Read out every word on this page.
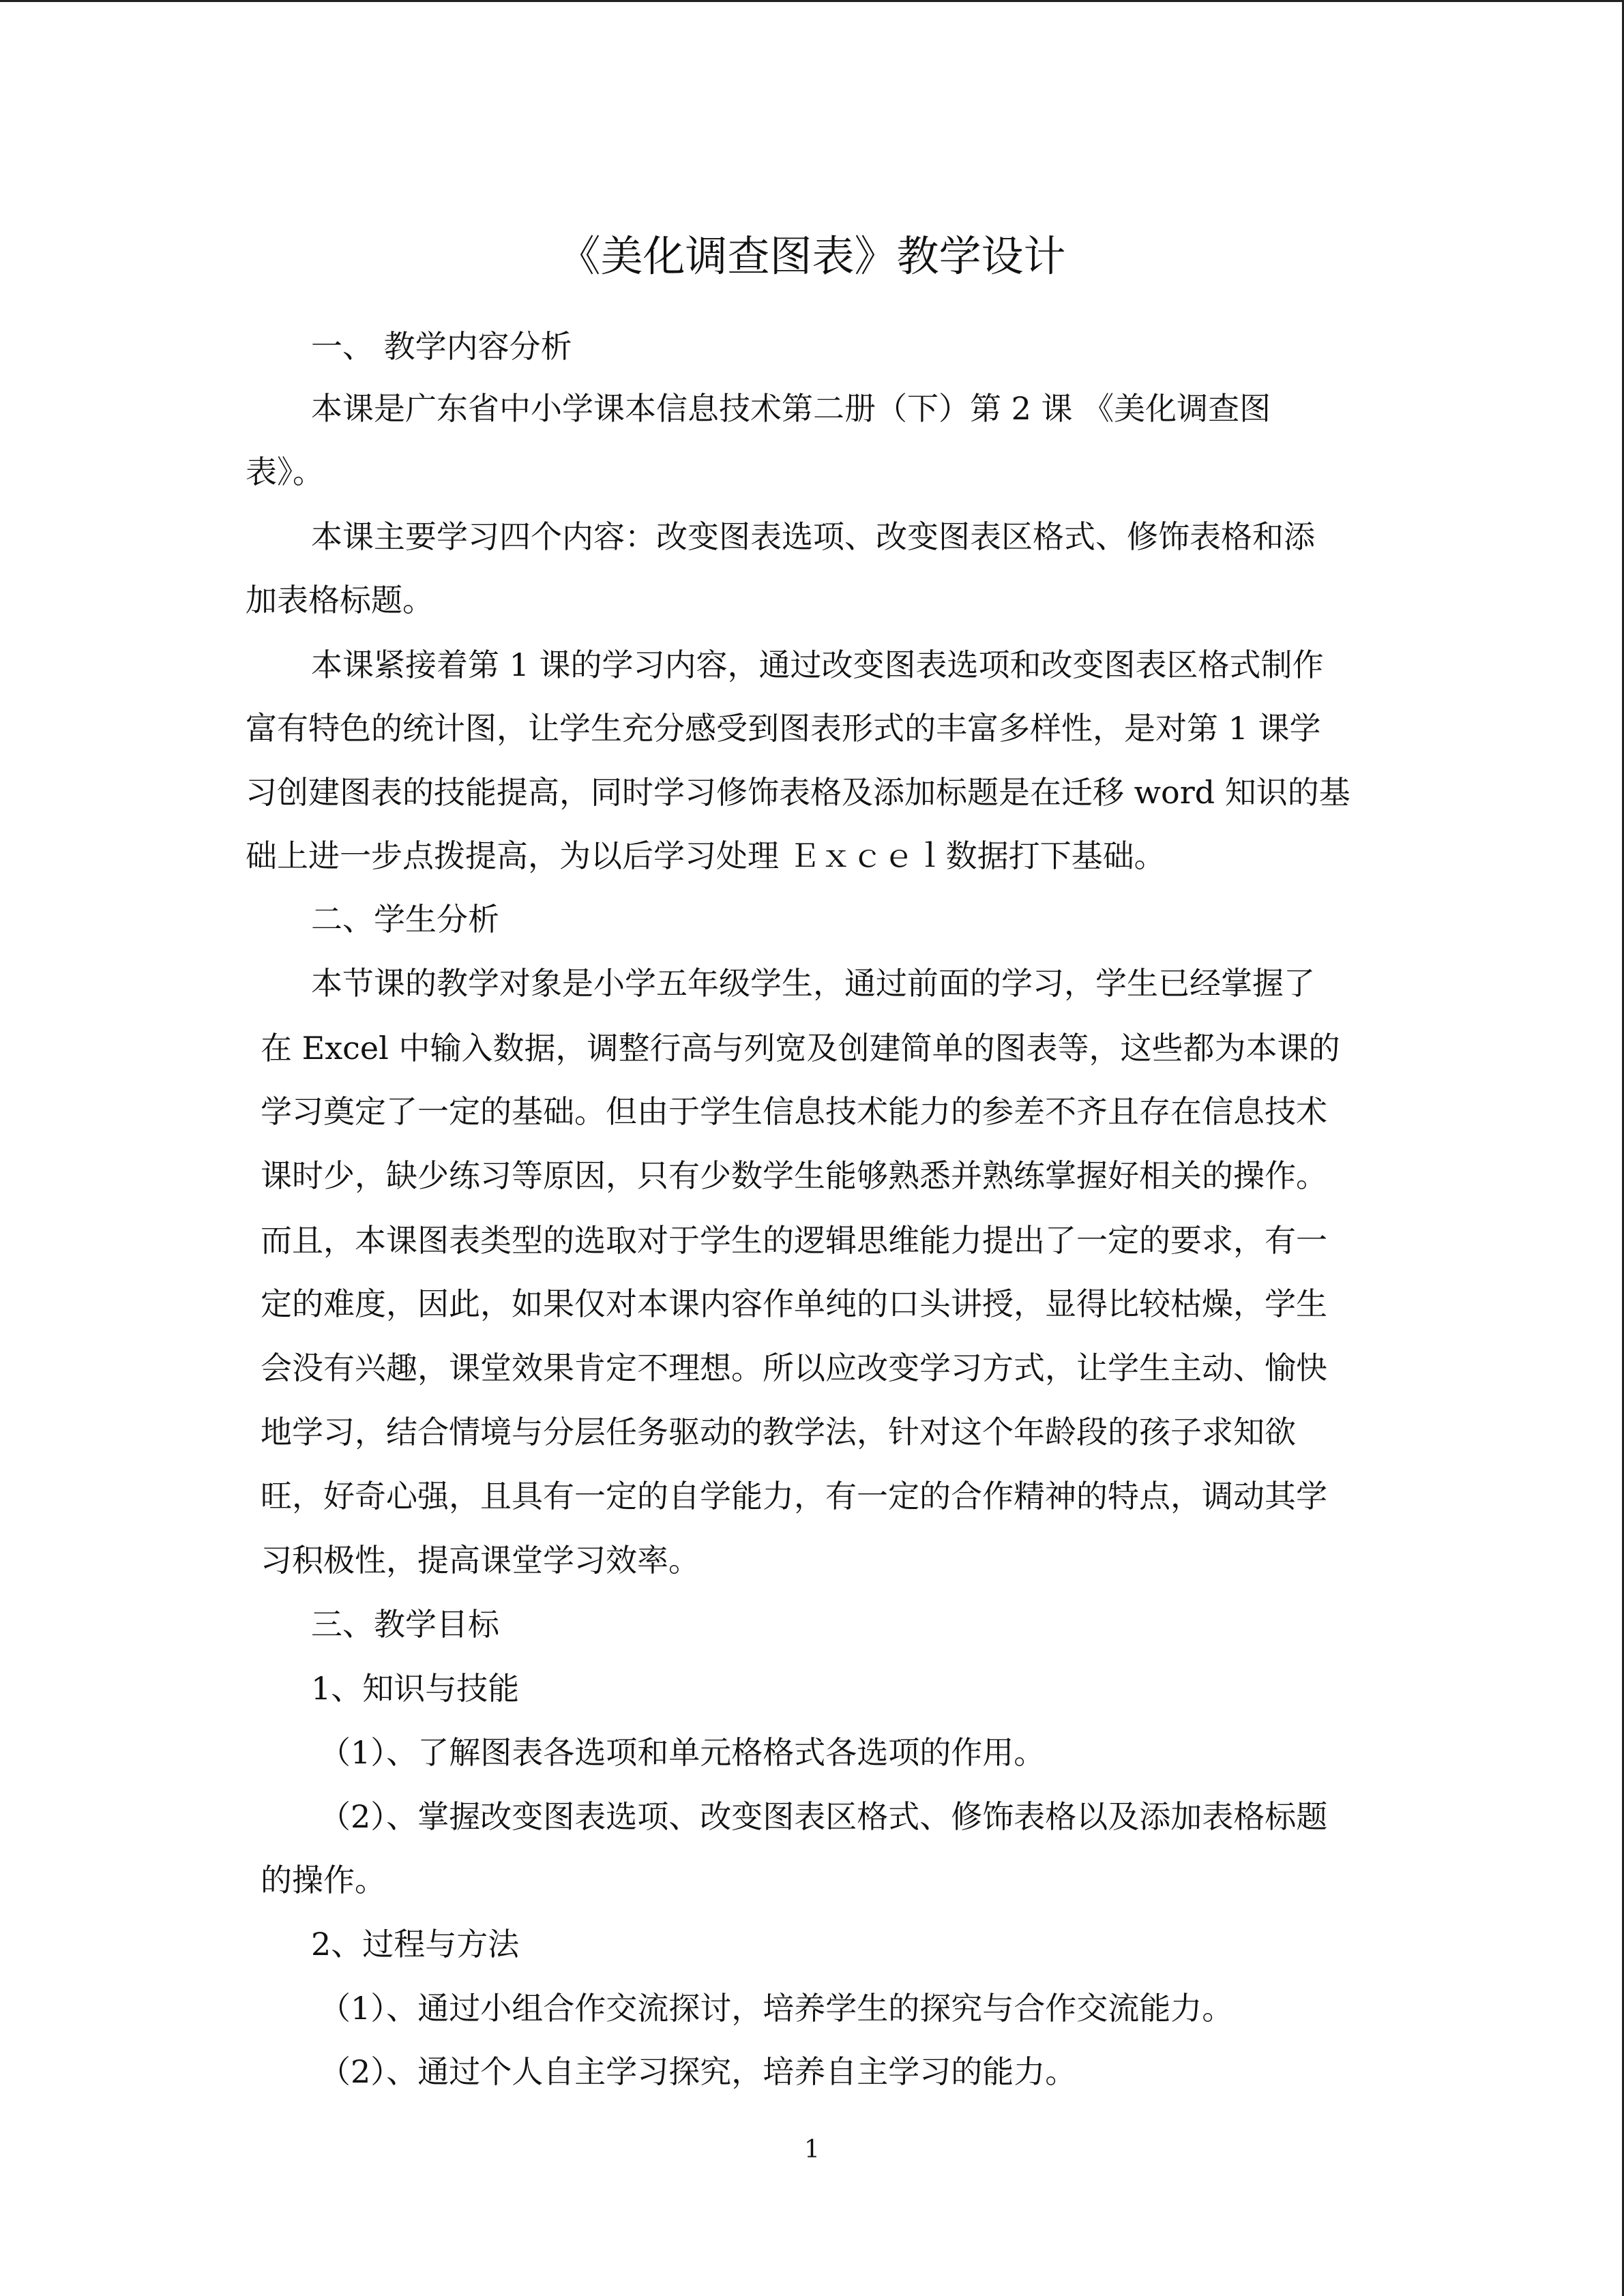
《美化调查图表》教学设计
一、 教学内容分析
本课是广东省中小学课本信息技术第二册（下）第 2 课 《美化调查图
表》。
本课主要学习四个内容：改变图表选项、改变图表区格式、修饰表格和添
加表格标题。
本课紧接着第 1 课的学习内容，通过改变图表选项和改变图表区格式制作
富有特色的统计图，让学生充分感受到图表形式的丰富多样性，是对第 1 课学
习创建图表的技能提高，同时学习修饰表格及添加标题是在迁移 word 知识的基
础上进一步点拨提高，为以后学习处理 Ｅｘｃｅｌ数据打下基础。
二、学生分析
本节课的教学对象是小学五年级学生，通过前面的学习，学生已经掌握了
在 Excel 中输入数据，调整行高与列宽及创建简单的图表等，这些都为本课的
学习奠定了一定的基础。但由于学生信息技术能力的参差不齐且存在信息技术
课时少，缺少练习等原因，只有少数学生能够熟悉并熟练掌握好相关的操作。
而且，本课图表类型的选取对于学生的逻辑思维能力提出了一定的要求，有一
定的难度，因此，如果仅对本课内容作单纯的口头讲授，显得比较枯燥，学生
会没有兴趣，课堂效果肯定不理想。所以应改变学习方式，让学生主动、愉快
地学习，结合情境与分层任务驱动的教学法，针对这个年龄段的孩子求知欲
旺，好奇心强，且具有一定的自学能力，有一定的合作精神的特点，调动其学
习积极性，提高课堂学习效率。
三、教学目标
1、知识与技能
（1）、了解图表各选项和单元格格式各选项的作用。
（2）、掌握改变图表选项、改变图表区格式、修饰表格以及添加表格标题
的操作。
2、过程与方法
（1）、通过小组合作交流探讨，培养学生的探究与合作交流能力。
（2）、通过个人自主学习探究，培养自主学习的能力。
1
